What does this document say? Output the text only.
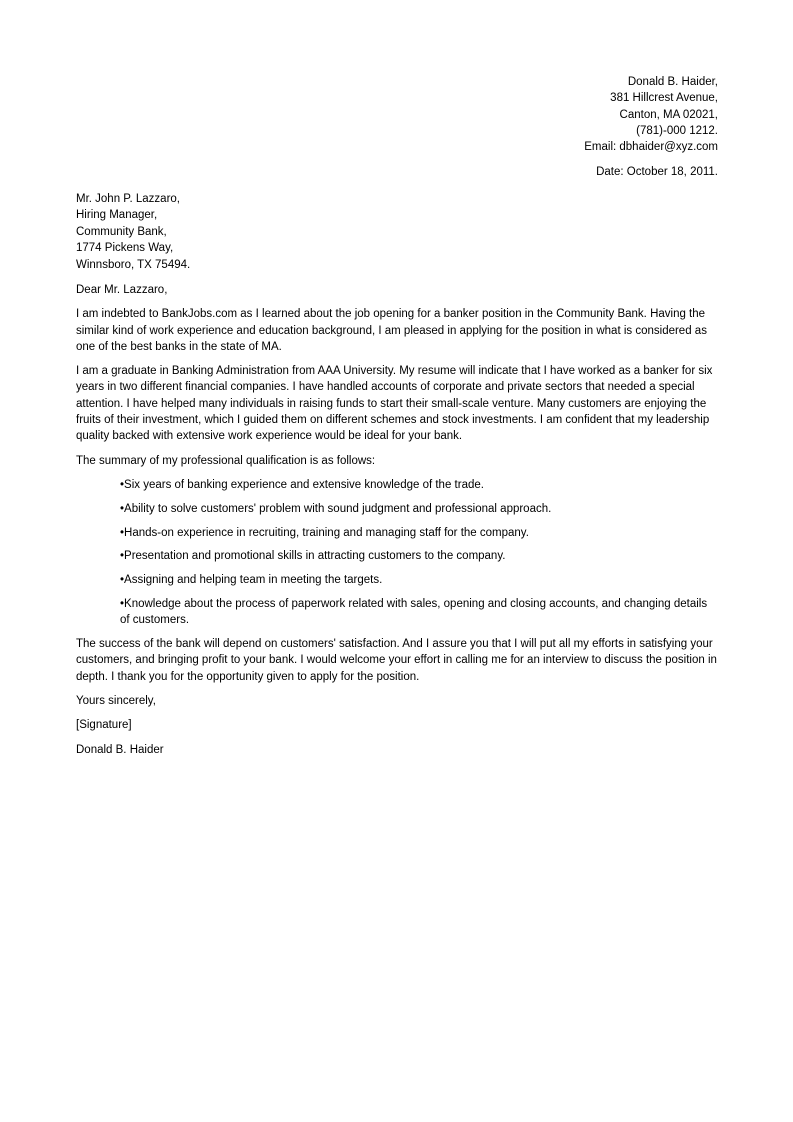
Donald B. Haider,
381 Hillcrest Avenue,
Canton, MA 02021,
(781)-000 1212.
Email: dbhaider@xyz.com
Date: October 18, 2011.
Mr. John P. Lazzaro,
Hiring Manager,
Community Bank,
1774 Pickens Way,
Winnsboro, TX 75494.

Dear Mr. Lazzaro,

I am indebted to BankJobs.com as I learned about the job opening for a banker position in the Community Bank. Having the similar kind of work experience and education background, I am pleased in applying for the position in what is considered as one of the best banks in the state of MA.

I am a graduate in Banking Administration from AAA University. My resume will indicate that I have worked as a banker for six years in two different financial companies. I have handled accounts of corporate and private sectors that needed a special attention. I have helped many individuals in raising funds to start their small-scale venture. Many customers are enjoying the fruits of their investment, which I guided them on different schemes and stock investments. I am confident that my leadership quality backed with extensive work experience would be ideal for your bank.

The summary of my professional qualification is as follows:

•Six years of banking experience and extensive knowledge of the trade.
•Ability to solve customers' problem with sound judgment and professional approach.
•Hands-on experience in recruiting, training and managing staff for the company.
•Presentation and promotional skills in attracting customers to the company.
•Assigning and helping team in meeting the targets.
•Knowledge about the process of paperwork related with sales, opening and closing accounts, and changing details of customers.

The success of the bank will depend on customers' satisfaction. And I assure you that I will put all my efforts in satisfying your customers, and bringing profit to your bank. I would welcome your effort in calling me for an interview to discuss the position in depth. I thank you for the opportunity given to apply for the position.

Yours sincerely,

[Signature]

Donald B. Haider
